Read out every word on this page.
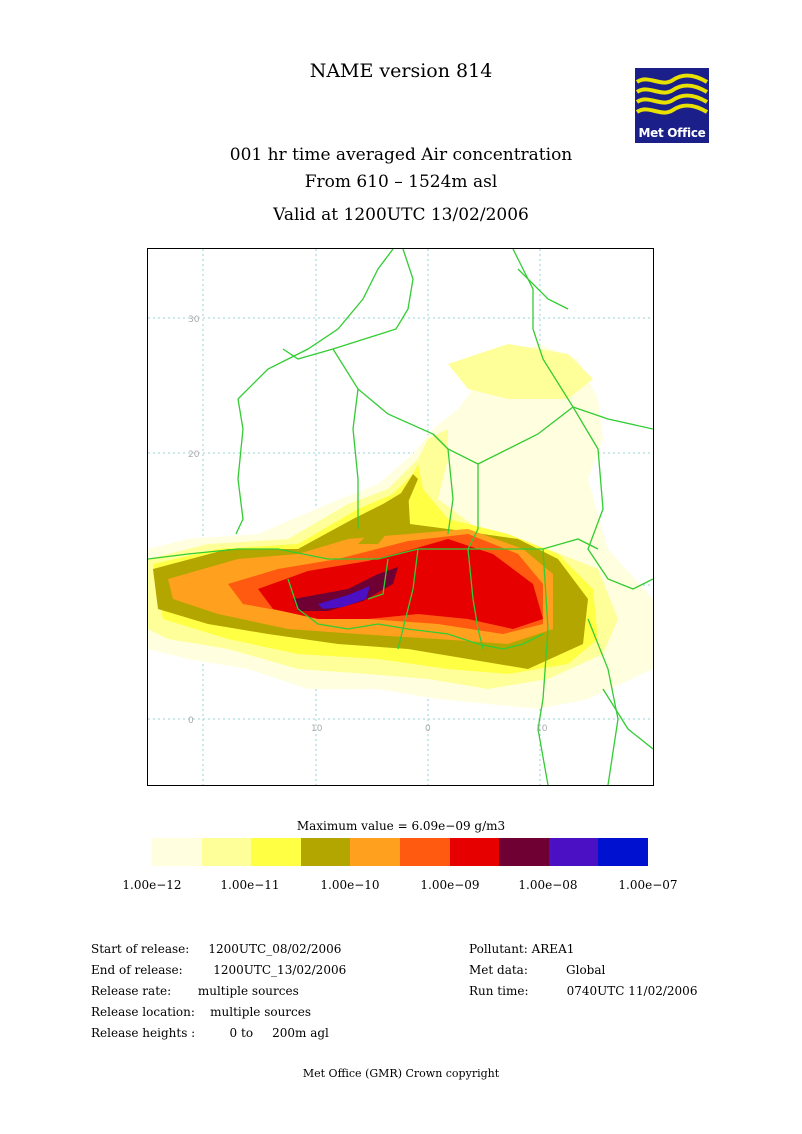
NAME version 814
001 hr time averaged Air concentration
From 610 – 1524m asl
Valid at 1200UTC 13/02/2006
Met Office
30
20
0
10	0	10
Maximum value = 6.09e−09 g/m3
1.00e−12	1.00e−11	1.00e−10	1.00e−09	1.00e−08	1.00e−07
Start of release:     1200UTC_08/02/2006
End of release:        1200UTC_13/02/2006
Release rate:       multiple sources
Release location:    multiple sources
Release heights :         0 to     200m agl
Pollutant: AREA1
Met data:          Global
Run time:          0740UTC 11/02/2006
Met Office (GMR) Crown copyright
